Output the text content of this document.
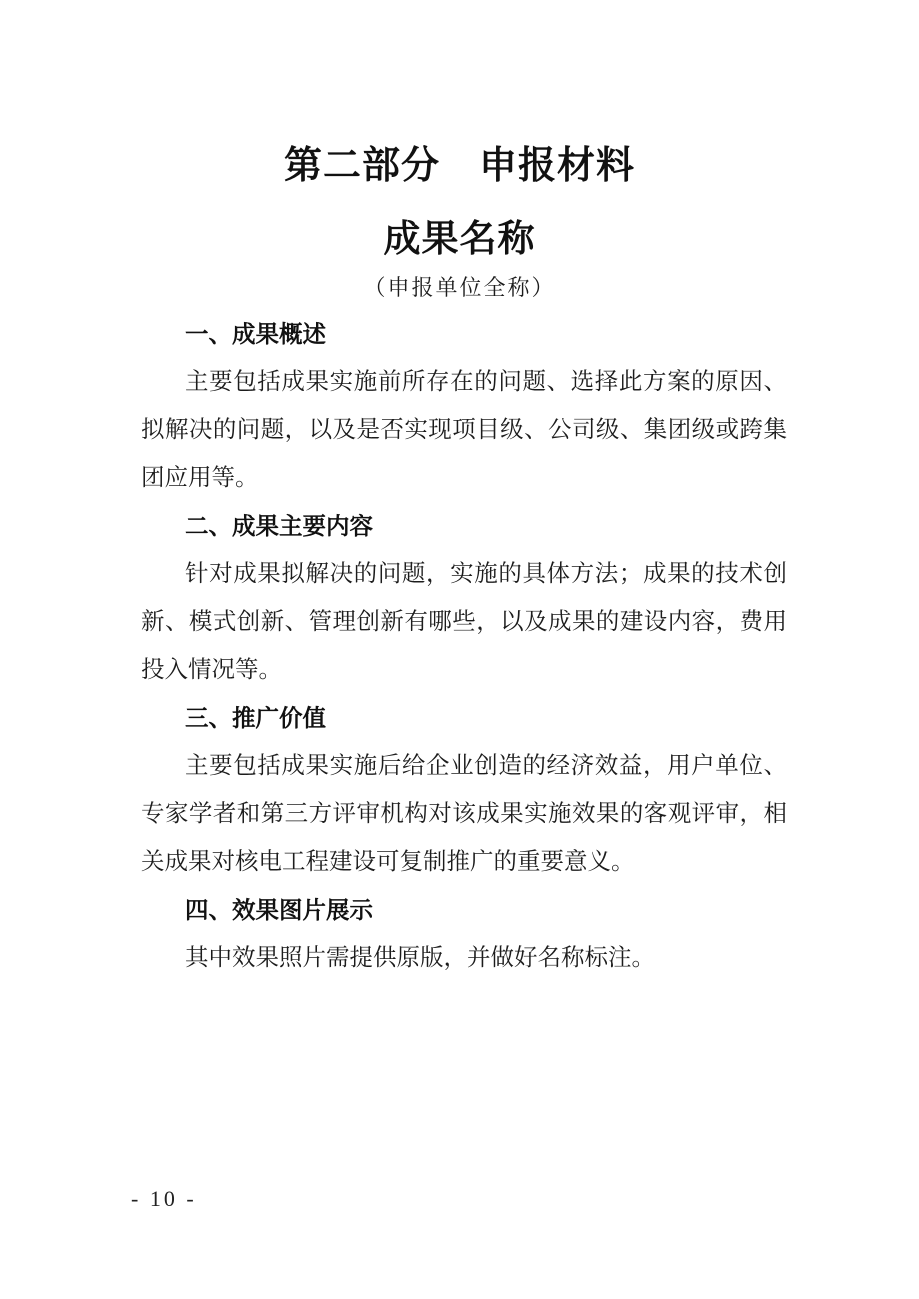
第二部分　申报材料
成果名称
（申报单位全称）
一、成果概述

主要包括成果实施前所存在的问题、选择此方案的原因、拟解决的问题，以及是否实现项目级、公司级、集团级或跨集团应用等。

二、成果主要内容

针对成果拟解决的问题，实施的具体方法；成果的技术创新、模式创新、管理创新有哪些，以及成果的建设内容，费用投入情况等。

三、推广价值

主要包括成果实施后给企业创造的经济效益，用户单位、专家学者和第三方评审机构对该成果实施效果的客观评审，相关成果对核电工程建设可复制推广的重要意义。

四、效果图片展示

其中效果照片需提供原版，并做好名称标注。

- 10 -
